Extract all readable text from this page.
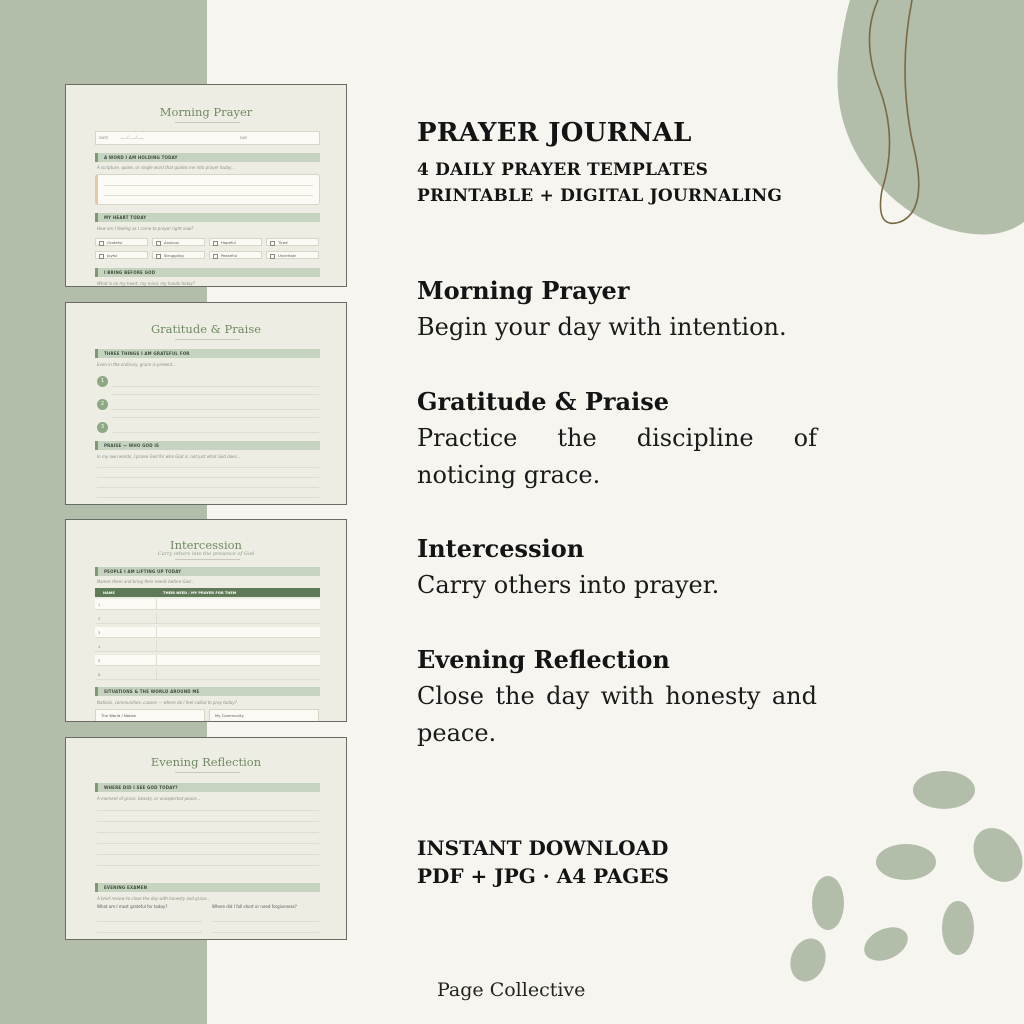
Morning Prayer
DATE	____/____/____	DAY
A WORD I AM HOLDING TODAY
A scripture, quote, or single word that guides me into prayer today...
MY HEART TODAY
How am I feeling as I come to prayer right now?
Grateful	Anxious	Hopeful	Tired
Joyful	Struggling	Peaceful	Uncertain
I BRING BEFORE GOD
What is on my heart, my mind, my hands today?
Gratitude & Praise
THREE THINGS I AM GRATEFUL FOR
Even in the ordinary, grace is present...
1
2
3
PRAISE — WHO GOD IS
In my own words, I praise God for who God is, not just what God does...
Intercession
Carry others into the presence of God
PEOPLE I AM LIFTING UP TODAY
Names them and bring their needs before God...
NAME	THEIR NEED / MY PRAYER FOR THEM
1
2
3
4
5
6
SITUATIONS & THE WORLD AROUND ME
Nations, communities, causes — where do I feel called to pray today?
The World / Nation	My Community
Evening Reflection
WHERE DID I SEE GOD TODAY?
A moment of grace, beauty, or unexpected peace...
EVENING EXAMEN
A brief review to close the day with honesty and grace...
What am I most grateful for today?	Where did I fall short or need forgiveness?
PRAYER JOURNAL
4 DAILY PRAYER TEMPLATES
PRINTABLE + DIGITAL JOURNALING
Morning Prayer
Begin your day with intention.
Gratitude & Praise
Practice the discipline of noticing grace.
Intercession
Carry others into prayer.
Evening Reflection
Close the day with honesty and peace.
INSTANT DOWNLOAD
PDF + JPG · A4 PAGES
Page Collective
